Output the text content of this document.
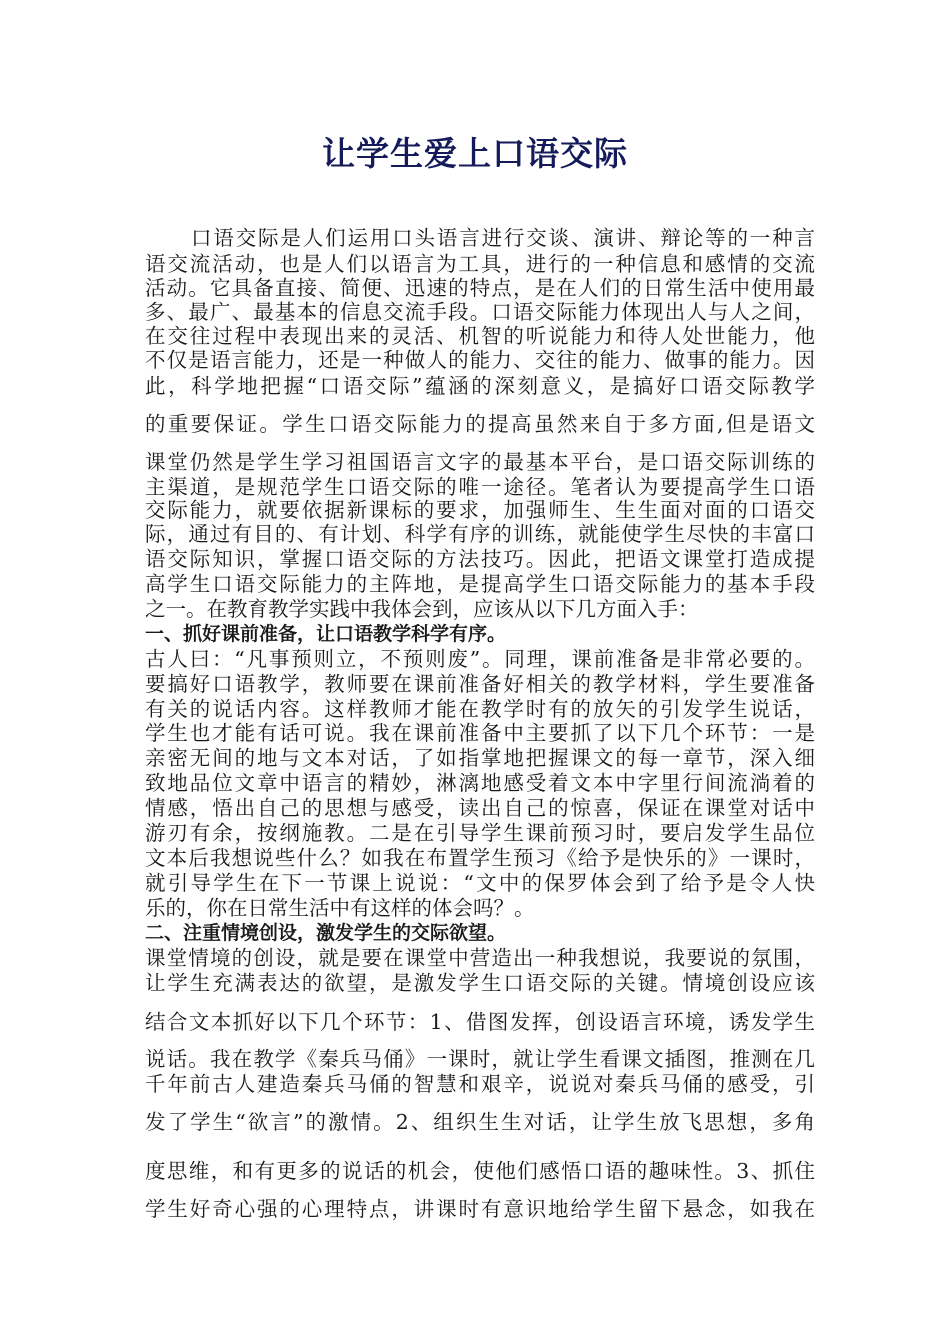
让学生爱上口语交际
口语交际是人们运用口头语言进行交谈、演讲、辩论等的一种言
语交流活动，也是人们以语言为工具，进行的一种信息和感情的交流
活动。它具备直接、简便、迅速的特点，是在人们的日常生活中使用最
多、最广、最基本的信息交流手段。口语交际能力体现出人与人之间，
在交往过程中表现出来的灵活、机智的听说能力和待人处世能力，他
不仅是语言能力，还是一种做人的能力、交往的能力、做事的能力。因
此，科学地把握“口语交际”蕴涵的深刻意义，是搞好口语交际教学
的重要保证。学生口语交际能力的提高虽然来自于多方面,但是语文
课堂仍然是学生学习祖国语言文字的最基本平台，是口语交际训练的
主渠道，是规范学生口语交际的唯一途径。笔者认为要提高学生口语
交际能力，就要依据新课标的要求，加强师生、生生面对面的口语交
际，通过有目的、有计划、科学有序的训练，就能使学生尽快的丰富口
语交际知识，掌握口语交际的方法技巧。因此，把语文课堂打造成提
高学生口语交际能力的主阵地，是提高学生口语交际能力的基本手段
之一。在教育教学实践中我体会到，应该从以下几方面入手：
一、抓好课前准备，让口语教学科学有序。
古人曰：“凡事预则立，不预则废”。同理，课前准备是非常必要的。
要搞好口语教学，教师要在课前准备好相关的教学材料，学生要准备
有关的说话内容。这样教师才能在教学时有的放矢的引发学生说话，
学生也才能有话可说。我在课前准备中主要抓了以下几个环节：一是
亲密无间的地与文本对话，了如指掌地把握课文的每一章节，深入细
致地品位文章中语言的精妙，淋漓地感受着文本中字里行间流淌着的
情感，悟出自己的思想与感受，读出自己的惊喜，保证在课堂对话中
游刃有余，按纲施教。二是在引导学生课前预习时，要启发学生品位
文本后我想说些什么？如我在布置学生预习《给予是快乐的》一课时，
就引导学生在下一节课上说说：“文中的保罗体会到了给予是令人快
乐的，你在日常生活中有这样的体会吗？。
二、注重情境创设，激发学生的交际欲望。
课堂情境的创设，就是要在课堂中营造出一种我想说，我要说的氛围，
让学生充满表达的欲望，是激发学生口语交际的关键。情境创设应该
结合文本抓好以下几个环节：1、借图发挥，创设语言环境，诱发学生
说话。我在教学《秦兵马俑》一课时，就让学生看课文插图，推测在几
千年前古人建造秦兵马俑的智慧和艰辛，说说对秦兵马俑的感受，引
发了学生“欲言”的激情。2、组织生生对话，让学生放飞思想，多角
度思维，和有更多的说话的机会，使他们感悟口语的趣味性。3、抓住
学生好奇心强的心理特点，讲课时有意识地给学生留下悬念，如我在
